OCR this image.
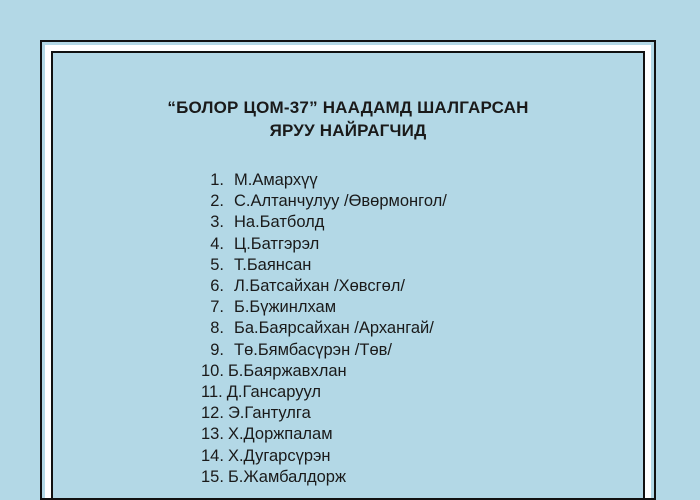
“БОЛОР ЦОМ-37” НААДАМД ШАЛГАРСАН
ЯРУУ НАЙРАГЧИД
1. М.Амархүү
2. С.Алтанчулуу /Өвөрмонгол/
3. На.Батболд
4. Ц.Батгэрэл
5. Т.Баянсан
6. Л.Батсайхан /Хөвсгөл/
7. Б.Бүжинлхам
8. Ба.Баярсайхан /Архангай/
9. Тө.Бямбасүрэн /Төв/
10. Б.Баяржавхлан
11. Д.Гансаруул
12. Э.Гантулга
13. Х.Доржпалам
14. Х.Дугарсүрэн
15. Б.Жамбалдорж
